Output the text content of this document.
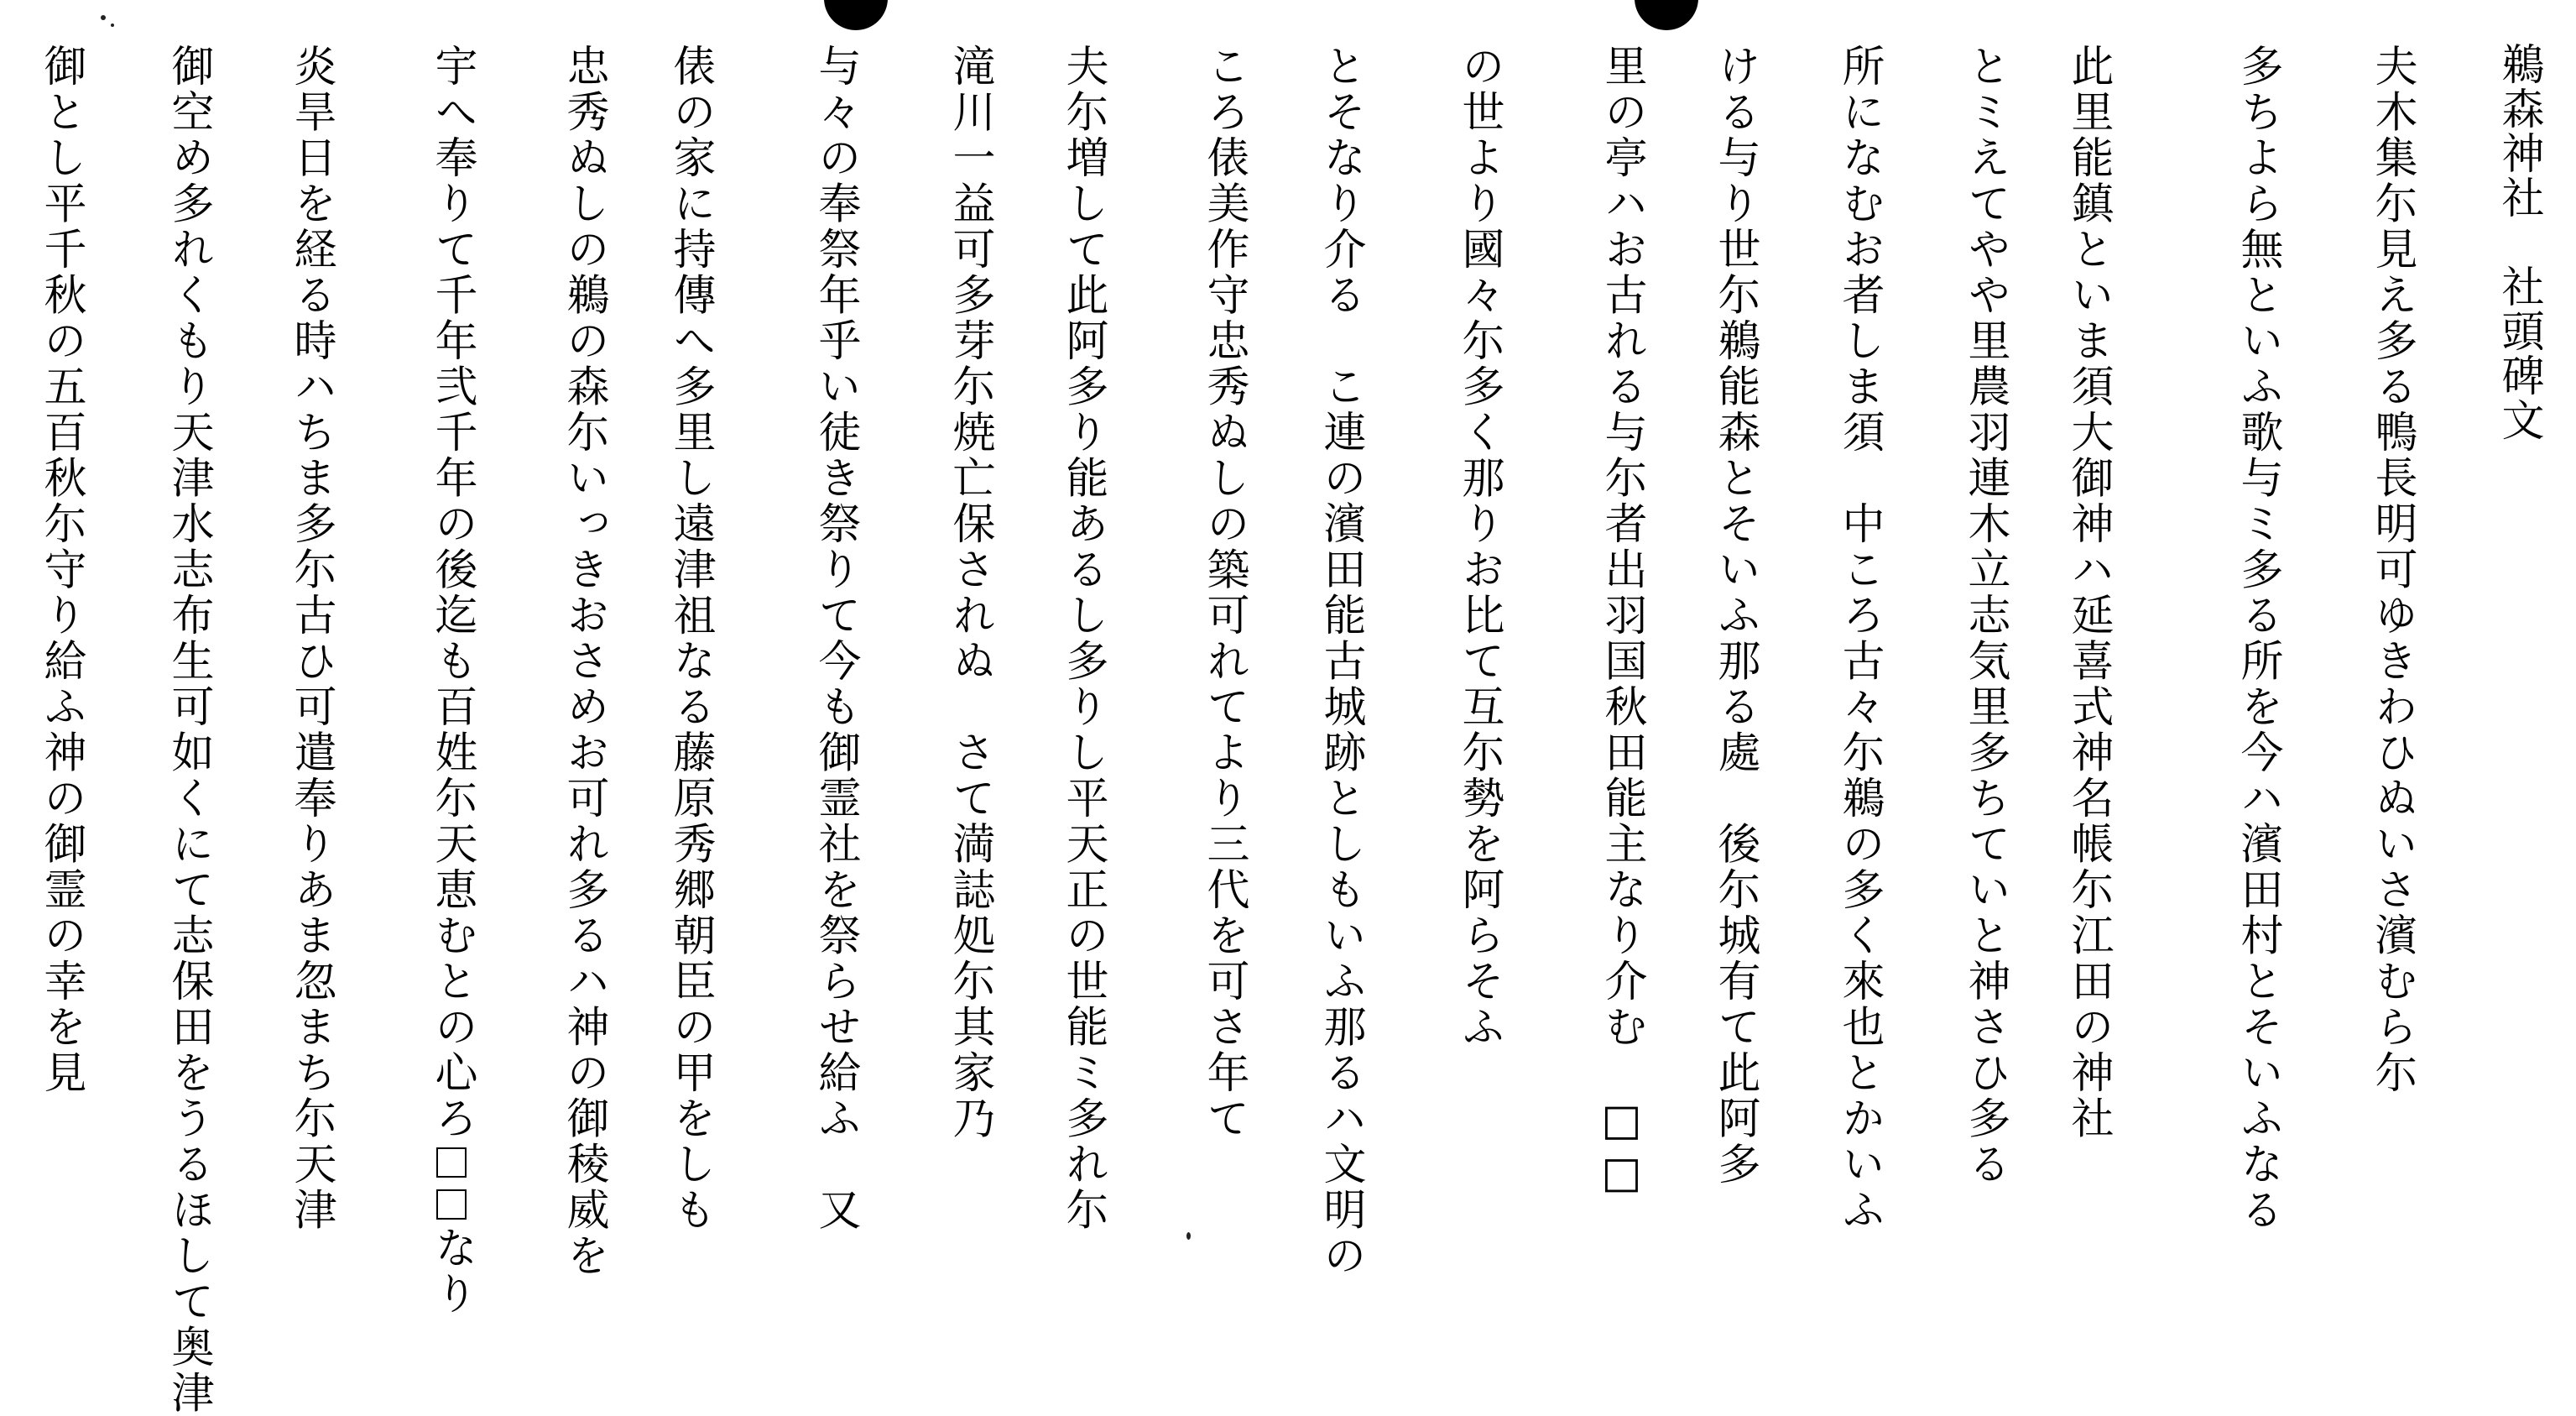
鵜森神社　社頭碑文
夫木集尓見え多る鴨長明可ゆきわひぬいさ濱むら尓
多ちよら無といふ歌与ミ多る所を今ハ濱田村とそいふなる
此里能鎮といま須大御神ハ延喜式神名帳尓江田の神社
とミえてやや里農羽連木立志気里多ちていと神さひ多る
所になむお者しま須　中ころ古々尓鵜の多く來也とかいふ
ける与り世尓鵜能森とそいふ那る處　後尓城有て此阿多
里の亭ハお古れる与尓者出羽国秋田能主なり介む　□□
の世より國々尓多く那りお比て互尓勢を阿らそふ
とそなり介る　こ連の濱田能古城跡としもいふ那るハ文明の
ころ俵美作守忠秀ぬしの築可れてより三代を可さ年て
夫尓増して此阿多り能あるし多りし平天正の世能ミ多れ尓
滝川一益可多芽尓焼亡保されぬ　さて満誌処尓其家乃
与々の奉祭年乎い徒き祭りて今も御霊社を祭らせ給ふ　又
俵の家に持傳へ多里し遠津祖なる藤原秀郷朝臣の甲をしも
忠秀ぬしの鵜の森尓いっきおさめお可れ多るハ神の御稜威を
宇へ奉りて千年弐千年の後迄も百姓尓天恵むとの心ろなり
炎旱日を経る時ハちま多尓古ひ可遣奉りあま忽まち尓天津
御空め多れくもり天津水志布生可如くにて志保田をうるほして奥津
御とし平千秋の五百秋尓守り給ふ神の御霊の幸を見
